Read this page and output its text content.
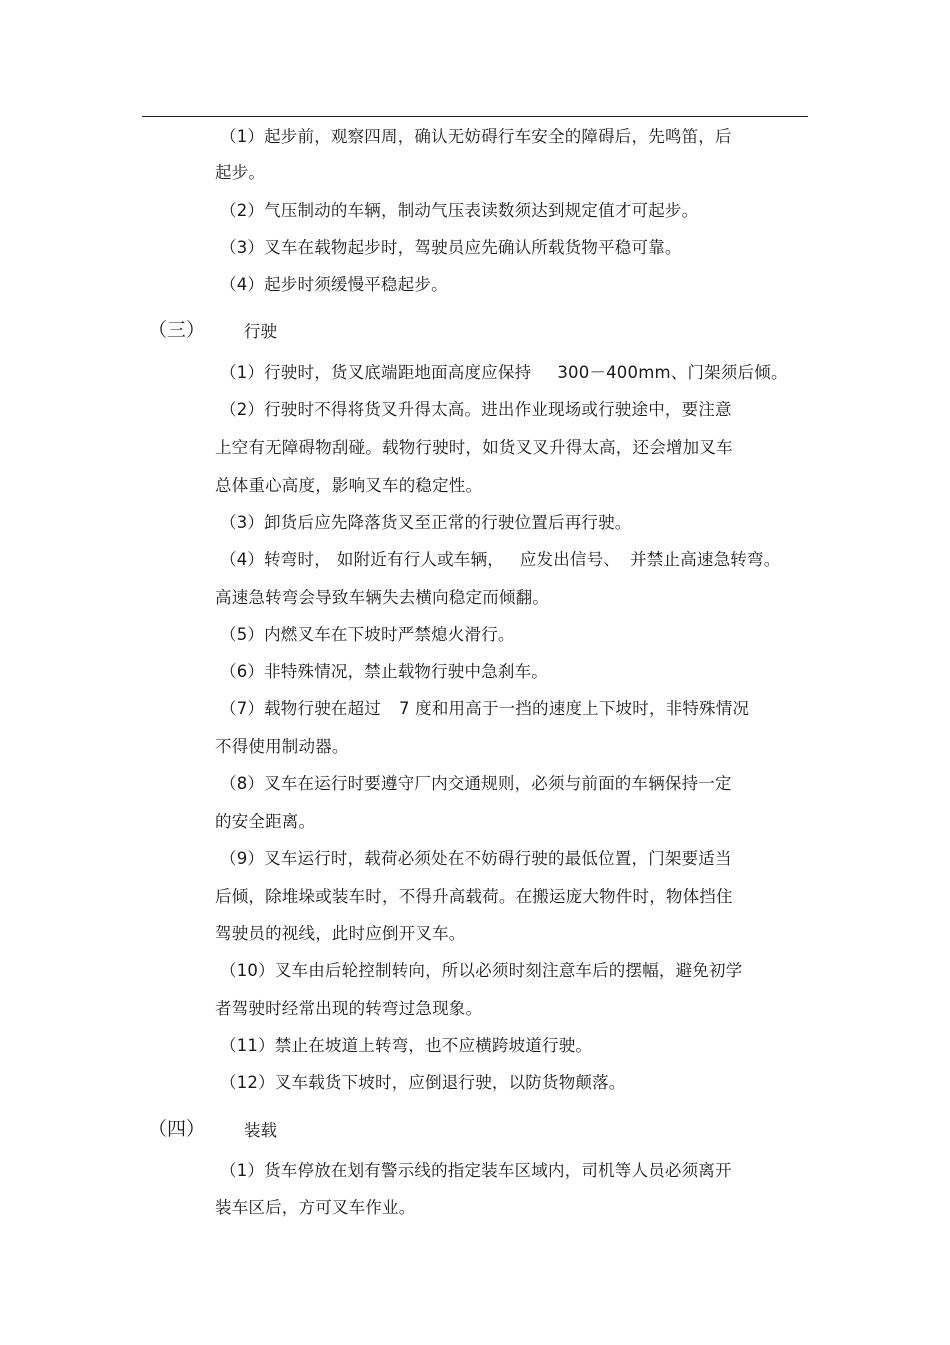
（1）起步前，观察四周，确认无妨碍行车安全的障碍后，先鸣笛，后
起步。
（2）气压制动的车辆，制动气压表读数须达到规定值才可起步。
（3）叉车在载物起步时，驾驶员应先确认所载货物平稳可靠。
（4）起步时须缓慢平稳起步。
（三） 行驶
（1）行驶时，货叉底端距地面高度应保持 300－400mm、门架须后倾。
（2）行驶时不得将货叉升得太高。进出作业现场或行驶途中，要注意
上空有无障碍物刮碰。载物行驶时，如货叉叉升得太高，还会增加叉车
总体重心高度，影响叉车的稳定性。
（3）卸货后应先降落货叉至正常的行驶位置后再行驶。
（4）转弯时， 如附近有行人或车辆， 应发出信号、 并禁止高速急转弯。
高速急转弯会导致车辆失去横向稳定而倾翻。
（5）内燃叉车在下坡时严禁熄火滑行。
（6）非特殊情况，禁止载物行驶中急刹车。
（7）载物行驶在超过 7 度和用高于一挡的速度上下坡时，非特殊情况
不得使用制动器。
（8）叉车在运行时要遵守厂内交通规则，必须与前面的车辆保持一定
的安全距离。
（9）叉车运行时，载荷必须处在不妨碍行驶的最低位置，门架要适当
后倾，除堆垛或装车时，不得升高载荷。在搬运庞大物件时，物体挡住
驾驶员的视线，此时应倒开叉车。
（10）叉车由后轮控制转向，所以必须时刻注意车后的摆幅，避免初学
者驾驶时经常出现的转弯过急现象。
（11）禁止在坡道上转弯，也不应横跨坡道行驶。
（12）叉车载货下坡时，应倒退行驶，以防货物颠落。
（四） 装载
（1）货车停放在划有警示线的指定装车区域内，司机等人员必须离开
装车区后，方可叉车作业。
